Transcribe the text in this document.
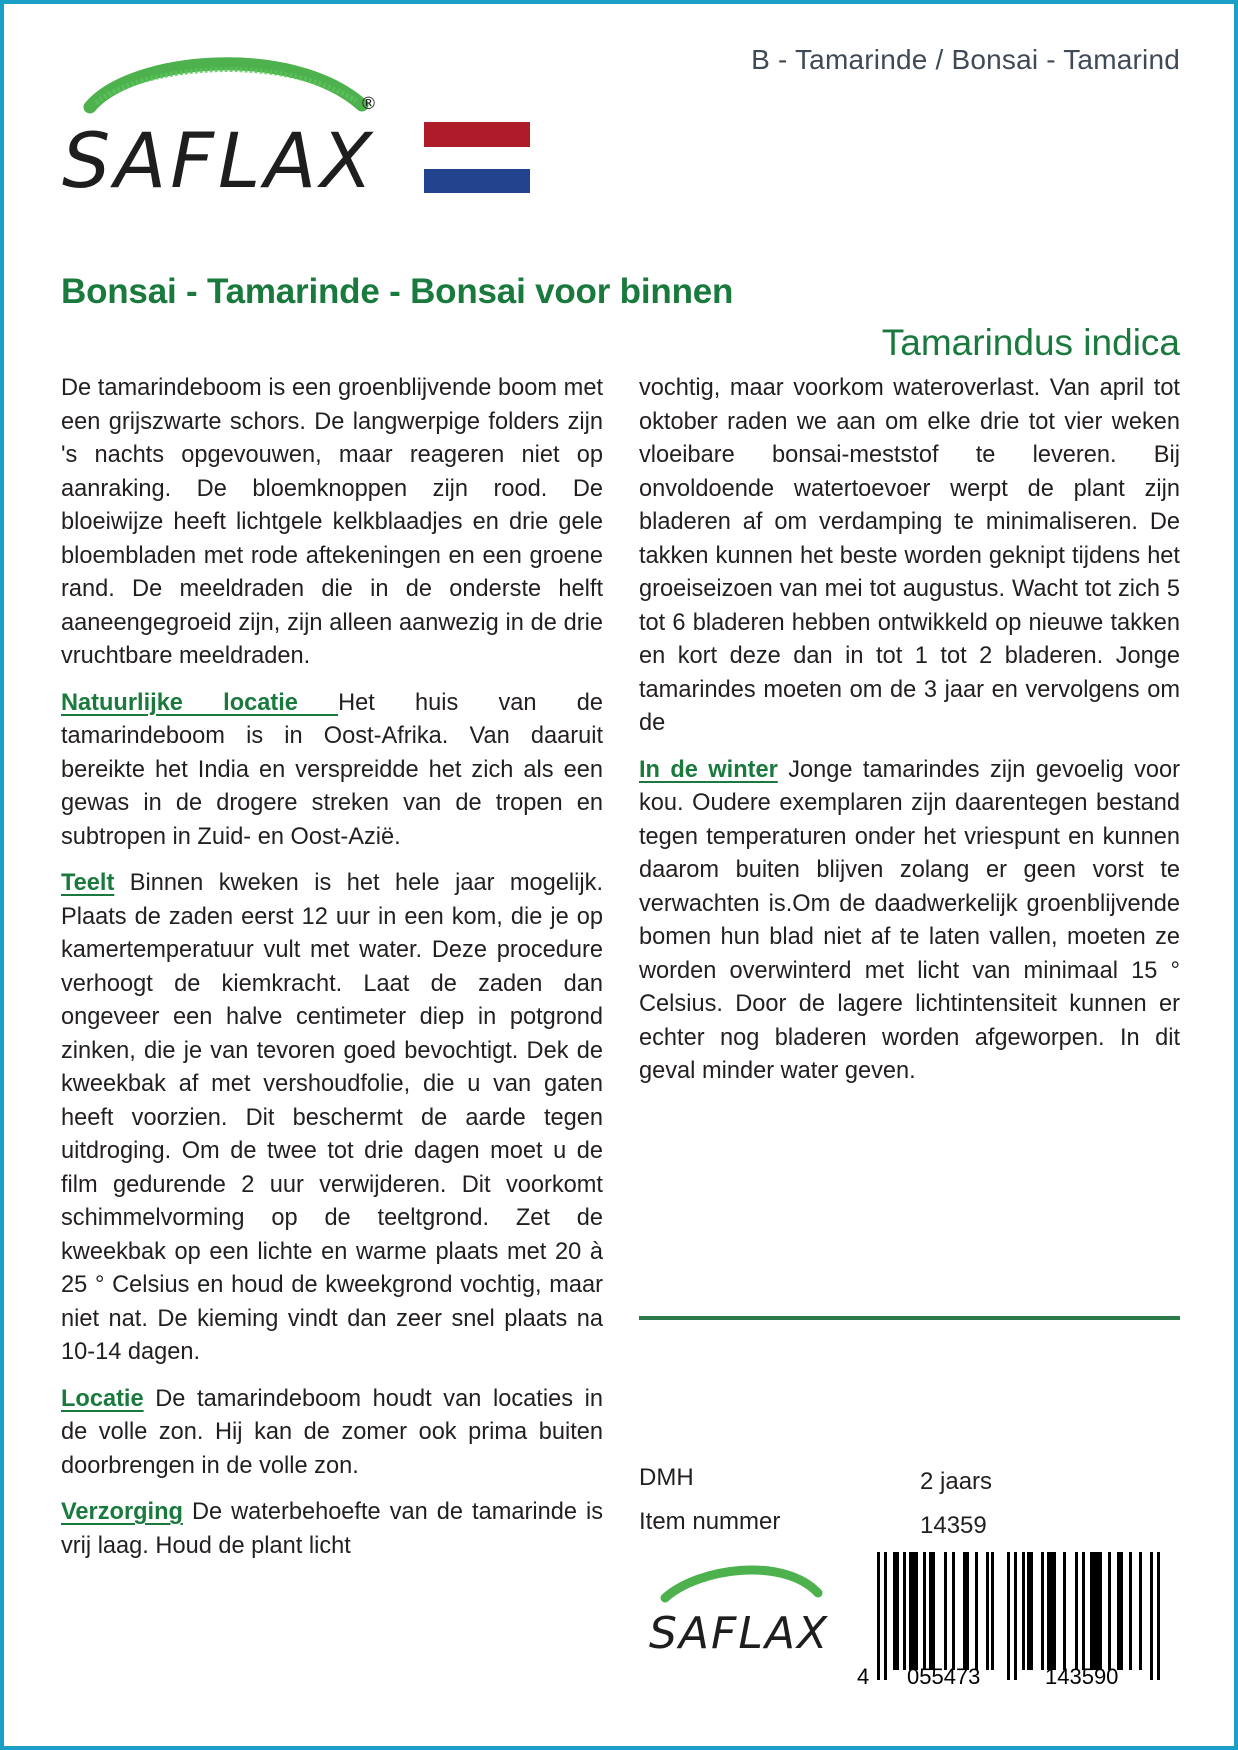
SAFLAX
®
B - Tamarinde / Bonsai - Tamarind
Bonsai - Tamarinde - Bonsai voor binnen
Tamarindus indica

De tamarindeboom is een groenblijvende boom met een grijszwarte schors. De langwerpige folders zijn 's nachts opgevouwen, maar reageren niet op aanraking. De bloemknoppen zijn rood. De bloeiwijze heeft lichtgele kelkblaadjes en drie gele bloembladen met rode aftekeningen en een groene rand. De meeldraden die in de onderste helft aaneengegroeid zijn, zijn alleen aanwezig in de drie vruchtbare meeldraden.

Natuurlijke locatie Het huis van de tamarindeboom is in Oost-Afrika. Van daaruit bereikte het India en verspreidde het zich als een gewas in de drogere streken van de tropen en subtropen in Zuid- en Oost-Azië.

Teelt Binnen kweken is het hele jaar mogelijk. Plaats de zaden eerst 12 uur in een kom, die je op kamertemperatuur vult met water. Deze procedure verhoogt de kiemkracht. Laat de zaden dan ongeveer een halve centimeter diep in potgrond zinken, die je van tevoren goed bevochtigt. Dek de kweekbak af met vershoudfolie, die u van gaten heeft voorzien. Dit beschermt de aarde tegen uitdroging. Om de twee tot drie dagen moet u de film gedurende 2 uur verwijderen. Dit voorkomt schimmelvorming op de teeltgrond. Zet de kweekbak op een lichte en warme plaats met 20 à 25 ° Celsius en houd de kweekgrond vochtig, maar niet nat. De kieming vindt dan zeer snel plaats na 10-14 dagen.

Locatie De tamarindeboom houdt van locaties in de volle zon. Hij kan de zomer ook prima buiten doorbrengen in de volle zon.

Verzorging De waterbehoefte van de tamarinde is vrij laag. Houd de plant licht

vochtig, maar voorkom wateroverlast. Van april tot oktober raden we aan om elke drie tot vier weken vloeibare bonsai-meststof te leveren. Bij onvoldoende watertoevoer werpt de plant zijn bladeren af om verdamping te minimaliseren. De takken kunnen het beste worden geknipt tijdens het groeiseizoen van mei tot augustus. Wacht tot zich 5 tot 6 bladeren hebben ontwikkeld op nieuwe takken en kort deze dan in tot 1 tot 2 bladeren. Jonge tamarindes moeten om de 3 jaar en vervolgens om de

In de winter Jonge tamarindes zijn gevoelig voor kou. Oudere exemplaren zijn daarentegen bestand tegen temperaturen onder het vriespunt en kunnen daarom buiten blijven zolang er geen vorst te verwachten is.Om de daadwerkelijk groenblijvende bomen hun blad niet af te laten vallen, moeten ze worden overwinterd met licht van minimaal 15 ° Celsius. Door de lagere lichtintensiteit kunnen er echter nog bladeren worden afgeworpen. In dit geval minder water geven.

DMH	2 jaars
Item nummer	14359
SAFLAX
4 055473	143590
